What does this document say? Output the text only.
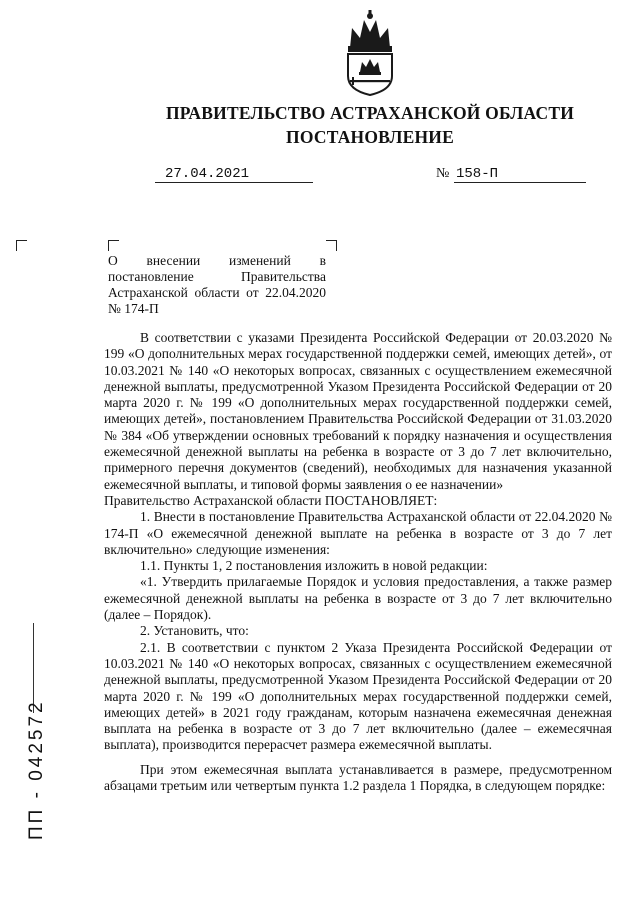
ПРАВИТЕЛЬСТВО АСТРАХАНСКОЙ ОБЛАСТИ
ПОСТАНОВЛЕНИЕ
27.04.2021	№ 158-П
О внесении изменений в постановление Правительства Астраханской области от 22.04.2020 № 174-П

В соответствии с указами Президента Российской Федерации от 20.03.2020 № 199 «О дополнительных мерах государственной поддержки семей, имеющих детей», от 10.03.2021 № 140 «О некоторых вопросах, связанных с осуществлением ежемесячной денежной выплаты, предусмотренной Указом Президента Российской Федерации от 20 марта 2020 г. № 199 «О дополнительных мерах государственной поддержки семей, имеющих детей», постановлением Правительства Российской Федерации от 31.03.2020 № 384 «Об утверждении основных требований к порядку назначения и осуществления ежемесячной денежной выплаты на ребенка в возрасте от 3 до 7 лет включительно, примерного перечня документов (сведений), необходимых для назначения указанной ежемесячной выплаты, и типовой формы заявления о ее назначении»

Правительство Астраханской области ПОСТАНОВЛЯЕТ:

1. Внести в постановление Правительства Астраханской области от 22.04.2020 № 174-П «О ежемесячной денежной выплате на ребенка в возрасте от 3 до 7 лет включительно» следующие изменения:

1.1. Пункты 1, 2 постановления изложить в новой редакции:

«1. Утвердить прилагаемые Порядок и условия предоставления, а также размер ежемесячной денежной выплаты на ребенка в возрасте от 3 до 7 лет включительно (далее – Порядок).

2. Установить, что:

2.1. В соответствии с пунктом 2 Указа Президента Российской Федерации от 10.03.2021 № 140 «О некоторых вопросах, связанных с осуществлением ежемесячной денежной выплаты, предусмотренной Указом Президента Российской Федерации от 20 марта 2020 г. № 199 «О дополнительных мерах государственной поддержки семей, имеющих детей» в 2021 году гражданам, которым назначена ежемесячная денежная выплата на ребенка в возрасте от 3 до 7 лет включительно (далее – ежемесячная выплата), производится перерасчет размера ежемесячной выплаты.

При этом ежемесячная выплата устанавливается в размере, предусмотренном абзацами третьим или четвертым пункта 1.2 раздела 1 Порядка, в следующем порядке:

ПП - 042572
